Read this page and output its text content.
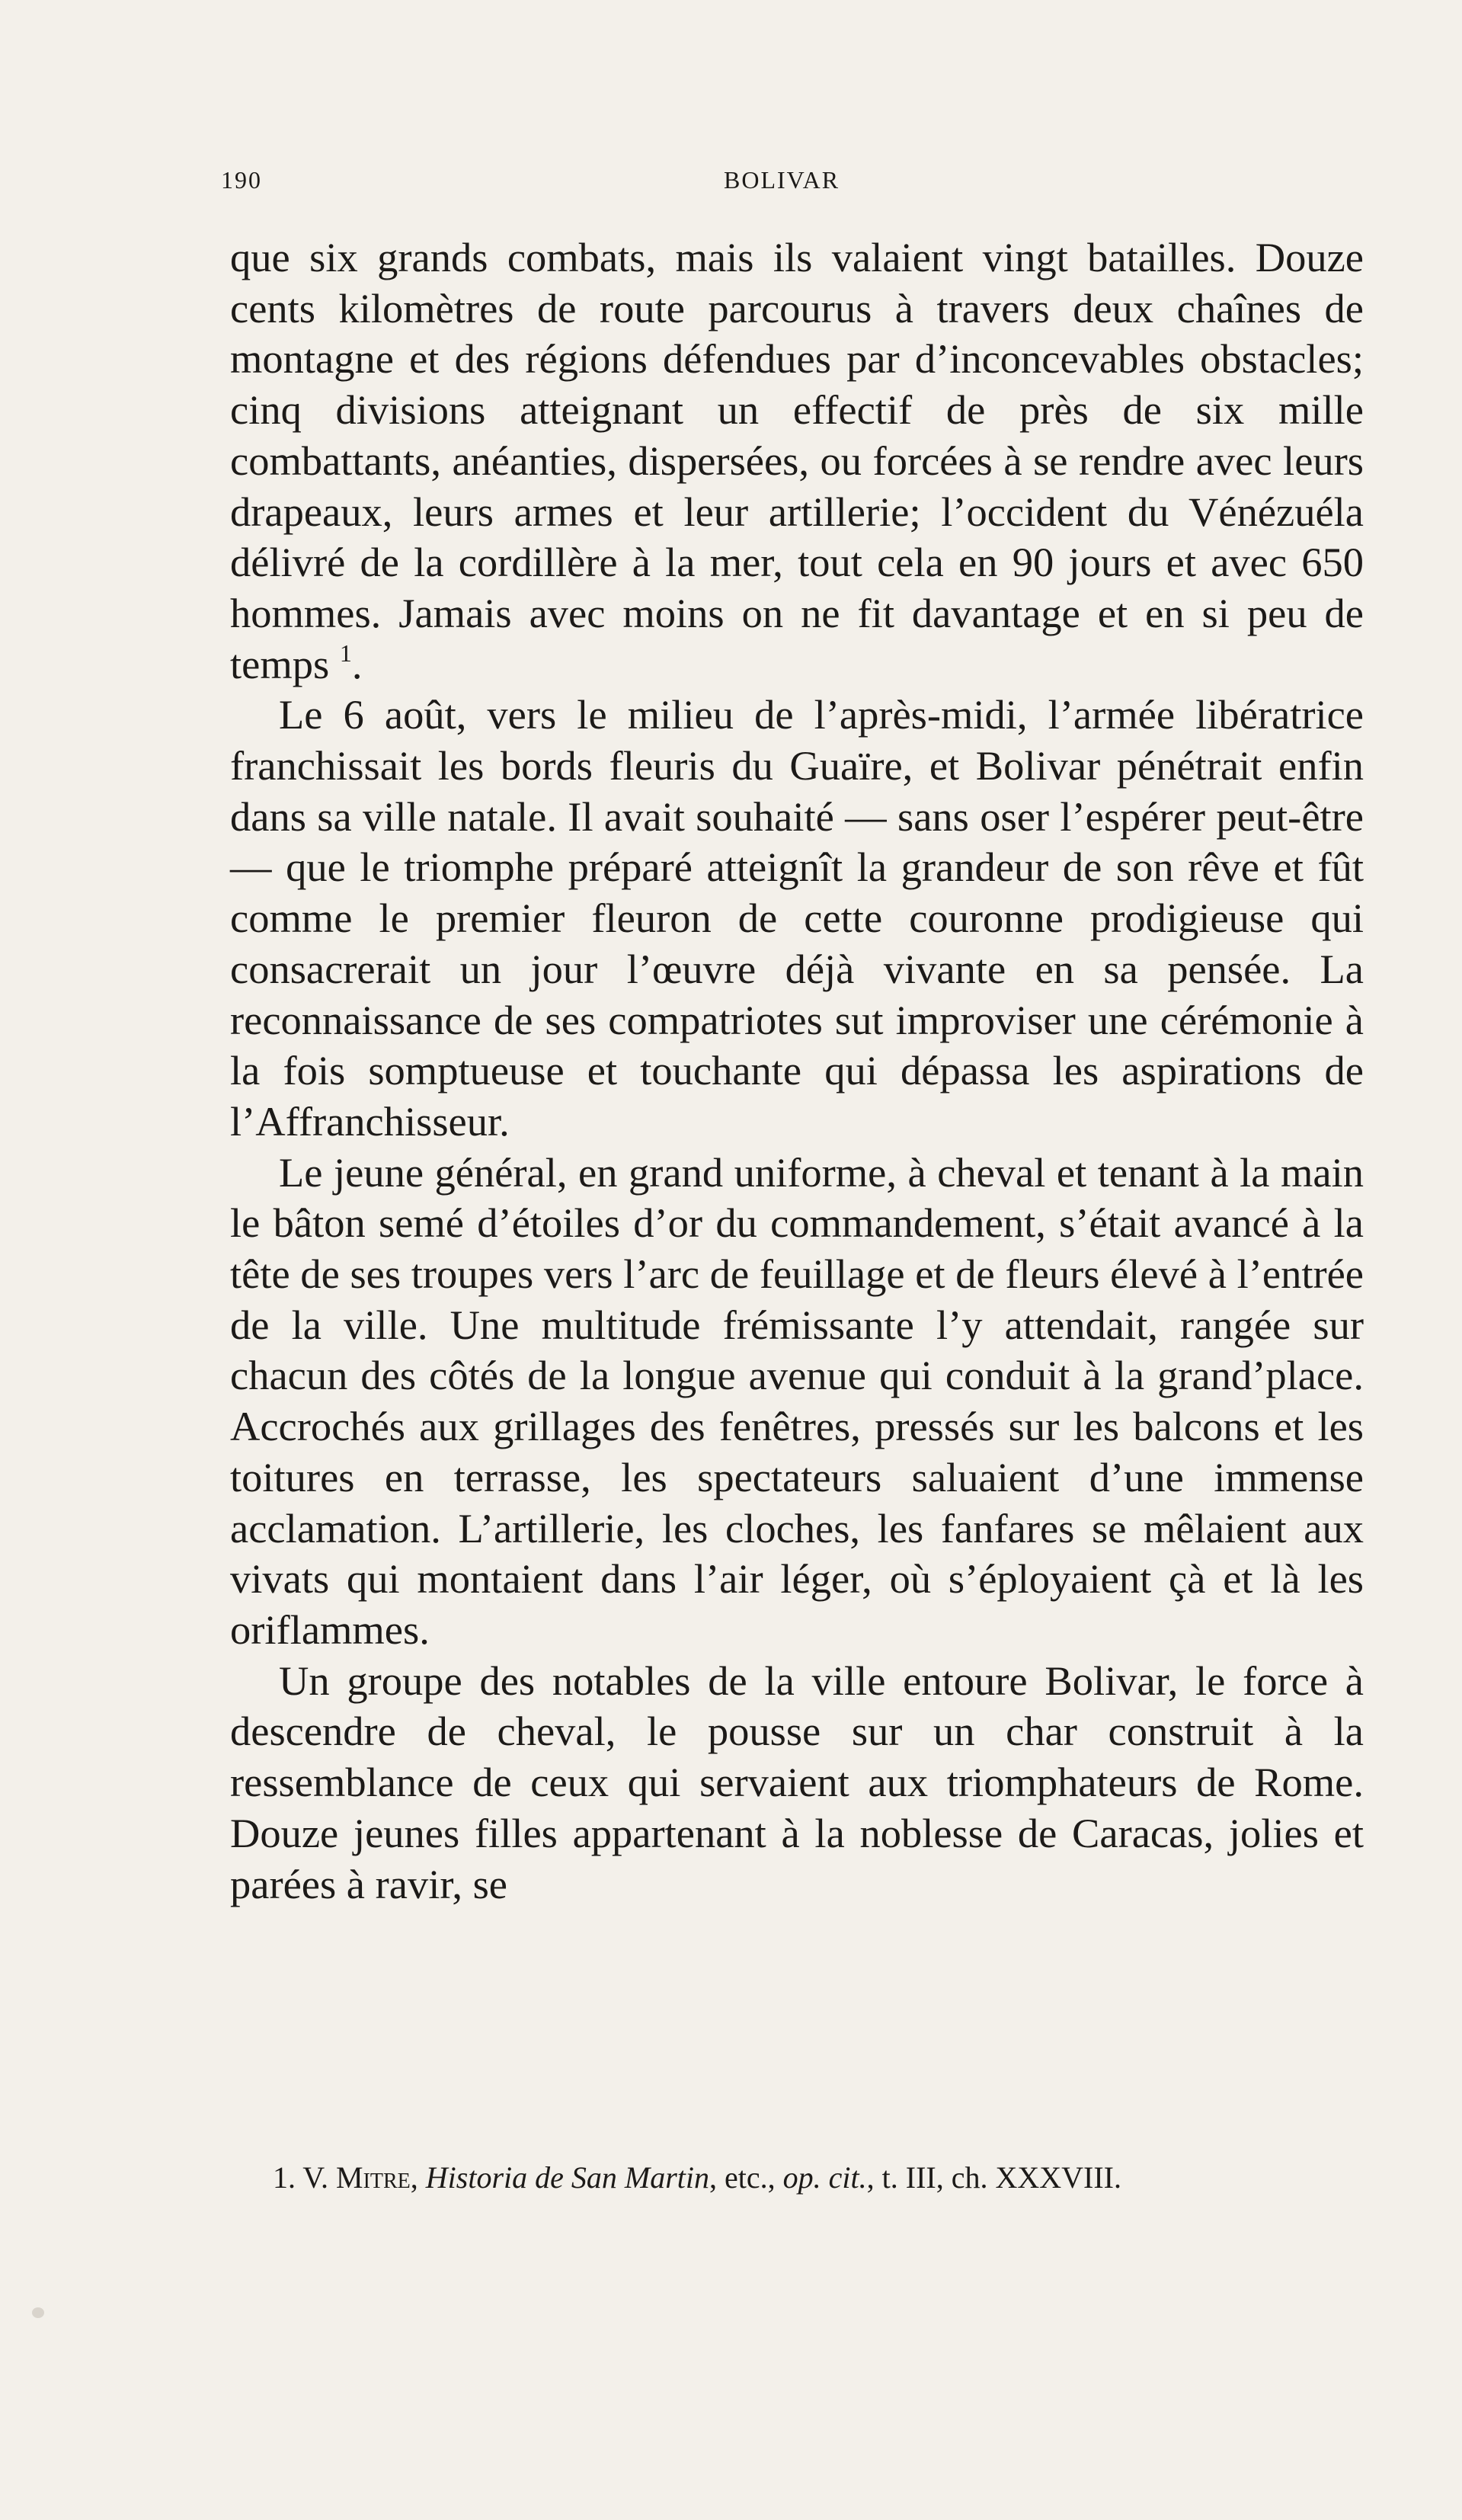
190	BOLIVAR

que six grands combats, mais ils valaient vingt batailles. Douze cents kilomètres de route parcourus à travers deux chaînes de montagne et des régions défendues par d’inconcevables obstacles; cinq divisions atteignant un effectif de près de six mille combattants, anéanties, dispersées, ou forcées à se rendre avec leurs drapeaux, leurs armes et leur artillerie; l’occident du Vénézuéla délivré de la cordillère à la mer, tout cela en 90 jours et avec 650 hommes. Jamais avec moins on ne fit davantage et en si peu de temps $^1$.

Le 6 août, vers le milieu de l’après-midi, l’armée libératrice franchissait les bords fleuris du Guaïre, et Bolivar pénétrait enfin dans sa ville natale. Il avait souhaité — sans oser l’espérer peut-être — que le triomphe préparé atteignît la grandeur de son rêve et fût comme le premier fleuron de cette couronne prodigieuse qui consacrerait un jour l’œuvre déjà vivante en sa pensée. La reconnaissance de ses compatriotes sut improviser une cérémonie à la fois somptueuse et touchante qui dépassa les aspirations de l’Affranchisseur.

Le jeune général, en grand uniforme, à cheval et tenant à la main le bâton semé d’étoiles d’or du commandement, s’était avancé à la tête de ses troupes vers l’arc de feuillage et de fleurs élevé à l’entrée de la ville. Une multitude frémissante l’y attendait, rangée sur chacun des côtés de la longue avenue qui conduit à la grand’place. Accrochés aux grillages des fenêtres, pressés sur les balcons et les toitures en terrasse, les spectateurs saluaient d’une immense acclamation. L’artillerie, les cloches, les fanfares se mêlaient aux vivats qui montaient dans l’air léger, où s’éployaient çà et là les oriflammes.

Un groupe des notables de la ville entoure Bolivar, le force à descendre de cheval, le pousse sur un char construit à la ressemblance de ceux qui servaient aux triomphateurs de Rome. Douze jeunes filles appartenant à la noblesse de Caracas, jolies et parées à ravir, se

1. V. Mitre, Historia de San Martin, etc., op. cit., t. III, ch. XXXVIII.
